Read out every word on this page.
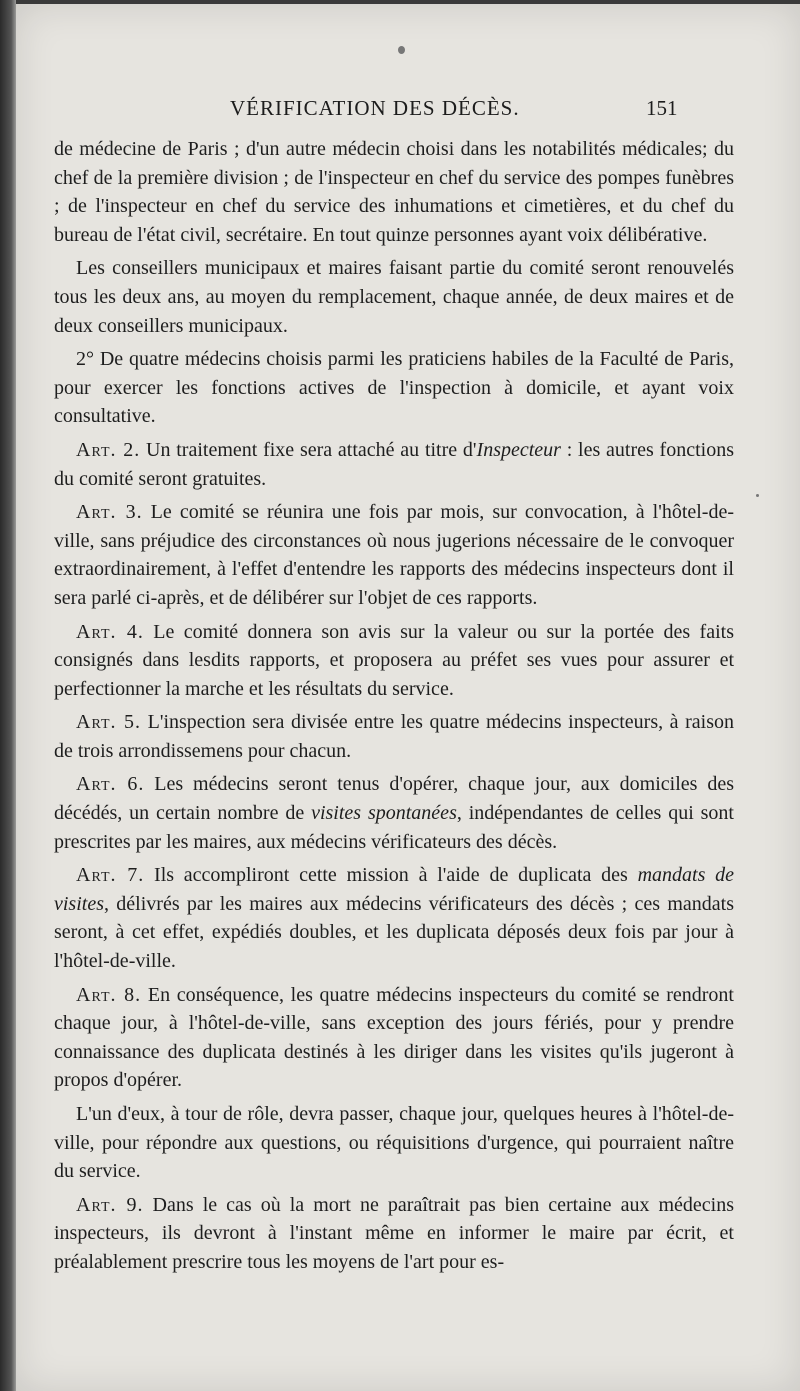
VÉRIFICATION DES DÉCÈS.	151

de médecine de Paris ; d'un autre médecin choisi dans les notabilités médicales; du chef de la première division ; de l'inspecteur en chef du service des pompes funèbres ; de l'inspecteur en chef du service des inhumations et cimetières, et du chef du bureau de l'état civil, secrétaire. En tout quinze personnes ayant voix délibérative.

Les conseillers municipaux et maires faisant partie du comité seront renouvelés tous les deux ans, au moyen du remplacement, chaque année, de deux maires et de deux conseillers municipaux.

2° De quatre médecins choisis parmi les praticiens habiles de la Faculté de Paris, pour exercer les fonctions actives de l'inspection à domicile, et ayant voix consultative.

Art. 2. Un traitement fixe sera attaché au titre d'Inspecteur : les autres fonctions du comité seront gratuites.

Art. 3. Le comité se réunira une fois par mois, sur convocation, à l'hôtel-de-ville, sans préjudice des circonstances où nous jugerions nécessaire de le convoquer extraordinairement, à l'effet d'entendre les rapports des médecins inspecteurs dont il sera parlé ci-après, et de délibérer sur l'objet de ces rapports.

Art. 4. Le comité donnera son avis sur la valeur ou sur la portée des faits consignés dans lesdits rapports, et proposera au préfet ses vues pour assurer et perfectionner la marche et les résultats du service.

Art. 5. L'inspection sera divisée entre les quatre médecins inspecteurs, à raison de trois arrondissemens pour chacun.

Art. 6. Les médecins seront tenus d'opérer, chaque jour, aux domiciles des décédés, un certain nombre de visites spontanées, indépendantes de celles qui sont prescrites par les maires, aux médecins vérificateurs des décès.

Art. 7. Ils accompliront cette mission à l'aide de duplicata des mandats de visites, délivrés par les maires aux médecins vérificateurs des décès ; ces mandats seront, à cet effet, expédiés doubles, et les duplicata déposés deux fois par jour à l'hôtel-de-ville.

Art. 8. En conséquence, les quatre médecins inspecteurs du comité se rendront chaque jour, à l'hôtel-de-ville, sans exception des jours fériés, pour y prendre connaissance des duplicata destinés à les diriger dans les visites qu'ils jugeront à propos d'opérer.

L'un d'eux, à tour de rôle, devra passer, chaque jour, quelques heures à l'hôtel-de-ville, pour répondre aux questions, ou réquisitions d'urgence, qui pourraient naître du service.

Art. 9. Dans le cas où la mort ne paraîtrait pas bien certaine aux médecins inspecteurs, ils devront à l'instant même en informer le maire par écrit, et préalablement prescrire tous les moyens de l'art pour es-
